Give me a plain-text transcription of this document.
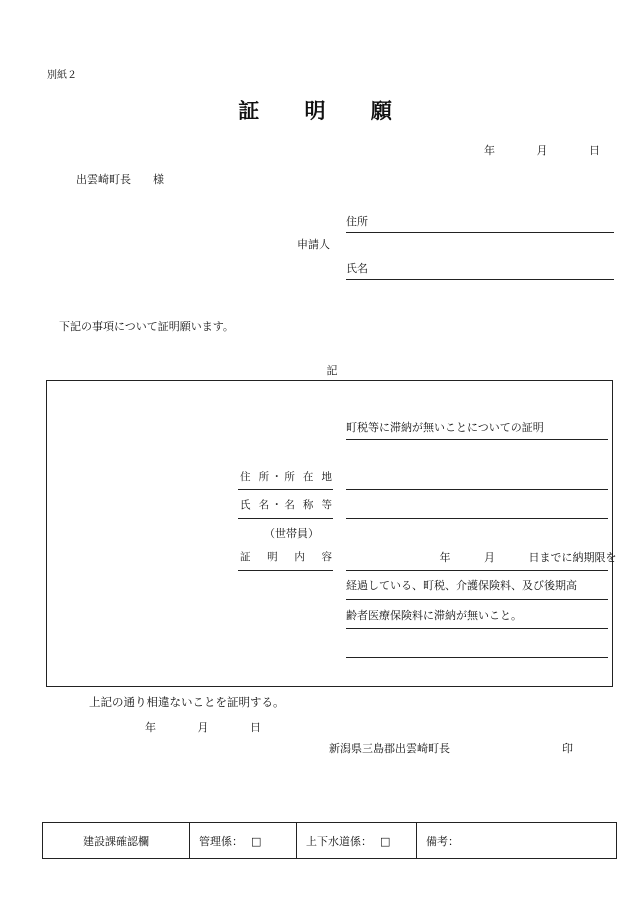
別紙２
証 明 願
年	月	日
出雲崎町長 様
申請人
住所
氏名
下記の事項について証明願います。
記
町税等に滞納が無いことについての証明
住 所・所 在 地
氏 名・名 称 等
（世帯員）
証 明 内 容	年	月	日までに納期限を
経過している、町税、介護保険料、及び後期高
齢者医療保険料に滞納が無いこと。
上記の通り相違ないことを証明する。
年	月	日
新潟県三島郡出雲崎町長	印
建設課確認欄	管理係： □	上下水道係： □	備考：
